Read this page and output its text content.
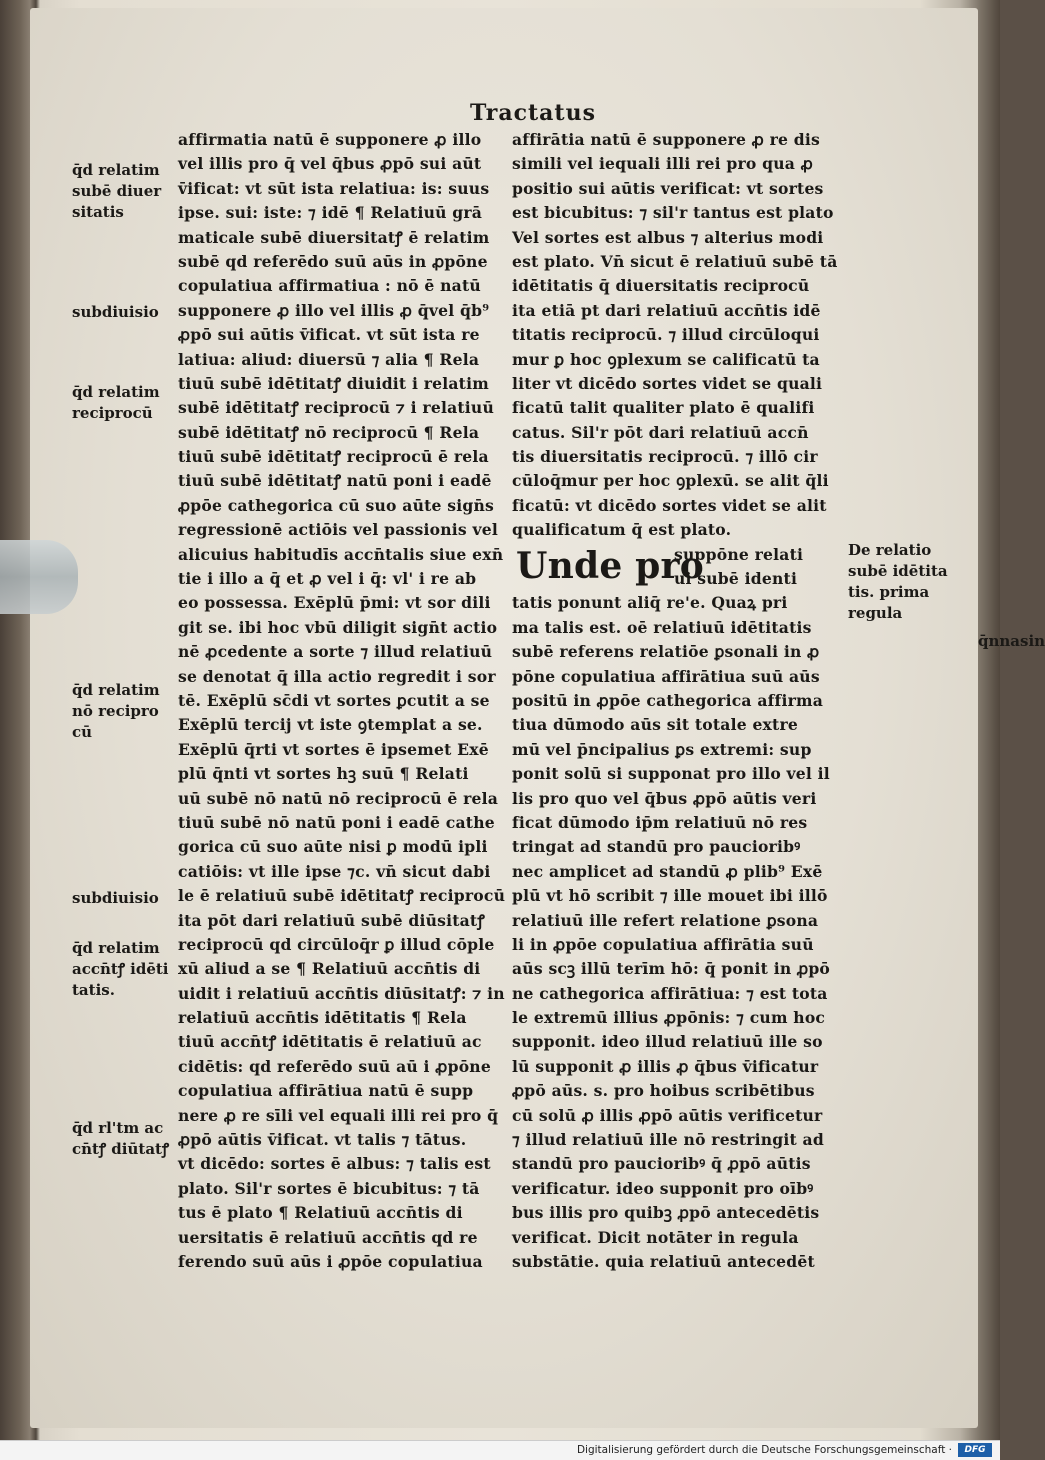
Tractatus
affirmatia natū ē supponere ꝓ illo
vel illis pro q̄ vel q̄bus ꝓpō sui aūt
v̄ificat: vt sūt ista relatiua: is: suus
ipse. sui: iste: ⁊ idē ¶ Relatiuū grā
maticale subē diuersitatꝭ ē relatim
subē qd referēdo suū aūs in ꝓpōne
copulatiua affirmatiua : nō ē natū
supponere ꝓ illo vel illis ꝓ q̄vel q̄b⁹
ꝓpō sui aūtis v̄ificat. vt sūt ista re
latiua: aliud: diuersū ⁊ alia ¶ Rela
tiuū subē idētitatꝭ diuidit i relatim
subē idētitatꝭ reciprocū ⁊ i relatiuū
subē idētitatꝭ nō reciprocū ¶ Rela
tiuū subē idētitatꝭ reciprocū ē rela
tiuū subē idētitatꝭ natū poni i eadē
ꝓpōe cathegorica cū suo aūte sign̄s
regressionē actiōis vel passionis vel
alicuius habitudīs accn̄talis siue exn̄
tie i illo a q̄ et ꝓ vel i q̄: vl' i re ab
eo possessa. Exēplū p̄mi: vt sor dili
git se. ibi hoc vbū diligit sign̄t actio
nē ꝓcedente a sorte ⁊ illud relatiuū
se denotat q̄ illa actio regredit i sor
tē. Exēplū sc̄di vt sortes ꝑcutit a se
Exēplū tercij vt iste ꝯtemplat a se.
Exēplū q̄rti vt sortes ē ipsemet Exē
plū q̄nti vt sortes hꝫ suū ¶ Relati
uū subē nō natū nō reciprocū ē rela
tiuū subē nō natū poni i eadē cathe
gorica cū suo aūte nisi ꝑ modū ipli
catiōis: vt ille ipse ⁊c. vn̄ sicut dabi
le ē relatiuū subē idētitatꝭ reciprocū
ita pōt dari relatiuū subē diūsitatꝭ
reciprocū qd circūloq̄r ꝑ illud cōple
xū aliud a se ¶ Relatiuū accn̄tis di
uidit i relatiuū accn̄tis diūsitatꝭ: ⁊ in
relatiuū accn̄tis idētitatis ¶ Rela
tiuū accn̄tꝭ idētitatis ē relatiuū ac
cidētis: qd referēdo suū aū i ꝓpōne
copulatiua affirātiua natū ē supp
nere ꝓ re sīli vel equali illi rei pro q̄
ꝓpō aūtis v̄ificat. vt talis ⁊ tātus.
vt dicēdo: sortes ē albus: ⁊ talis est
plato. Sil'r sortes ē bicubitus: ⁊ tā
tus ē plato ¶ Relatiuū accn̄tis di
uersitatis ē relatiuū accn̄tis qd re
ferendo suū aūs i ꝓpōe copulatiua
affirātia natū ē supponere ꝓ re dis
simili vel iequali illi rei pro qua ꝓ
positio sui aūtis verificat: vt sortes
est bicubitus: ⁊ sil'r tantus est plato
Vel sortes est albus ⁊ alterius modi
est plato. Vn̄ sicut ē relatiuū subē tā
idētitatis q̄ diuersitatis reciprocū
ita etiā pt dari relatiuū accn̄tis idē
titatis reciprocū. ⁊ illud circūloqui
mur ꝑ hoc ꝯplexum se calificatū ta
liter vt dicēdo sortes videt se quali
ficatū talit qualiter plato ē qualifi
catus. Sil'r pōt dari relatiuū accn̄
tis diuersitatis reciprocū. ⁊ illō cir
cūloq̄mur per hoc ꝯplexū. se alit q̄li
ficatū: vt dicēdo sortes videt se alit
qualificatum q̄ est plato.
Unde pro
suppōne relati
ui subē identi
tatis ponunt aliq̄ re'e. Quaꝝ pri
ma talis est. oē relatiuū idētitatis
subē referens relatiōe ꝑsonali in ꝓ
pōne copulatiua affirātiua suū aūs
positū in ꝓpōe cathegorica affirma
tiua dūmodo aūs sit totale extre
mū vel p̄ncipalius ꝑs extremi: sup
ponit solū si supponat pro illo vel il
lis pro quo vel q̄bus ꝓpō aūtis veri
ficat dūmodo ip̄m relatiuū nō res
tringat ad standū pro paucioribꝰ
nec amplicet ad standū ꝓ plib⁹ Exē
plū vt hō scribit ⁊ ille mouet ibi illō
relatiuū ille refert relatione ꝑsona
li in ꝓpōe copulatiua affirātia suū
aūs scꝫ illū terīm hō: q̄ ponit in ꝓpō
ne cathegorica affirātiua: ⁊ est tota
le extremū illius ꝓpōnis: ⁊ cum hoc
supponit. ideo illud relatiuū ille so
lū supponit ꝓ illis ꝓ q̄bus v̄ificatur
ꝓpō aūs. s. pro hoibus scribētibus
cū solū ꝓ illis ꝓpō aūtis verificetur
⁊ illud relatiuū ille nō restringit ad
standū pro paucioribꝰ q̄ ꝓpō aūtis
verificatur. ideo supponit pro oībꝰ
bus illis pro quibꝫ ꝓpō antecedētis
verificat. Dicit notāter in regula
substātie. quia relatiuū antecedēt
q̄d relatim
subē diuer
sitatis
subdiuisio
q̄d relatim
reciprocū
q̄d relatim
nō recipro
cū
subdiuisio
q̄d relatim
accn̄tꝭ idēti
tatis.
q̄d rl'tm ac
cn̄tꝭ diūtatꝭ
De relatio
subē idētita
tis. prima
regula
q̄nnasin
Digitalisierung gefördert durch die Deutsche Forschungsgemeinschaft ·	DFG
